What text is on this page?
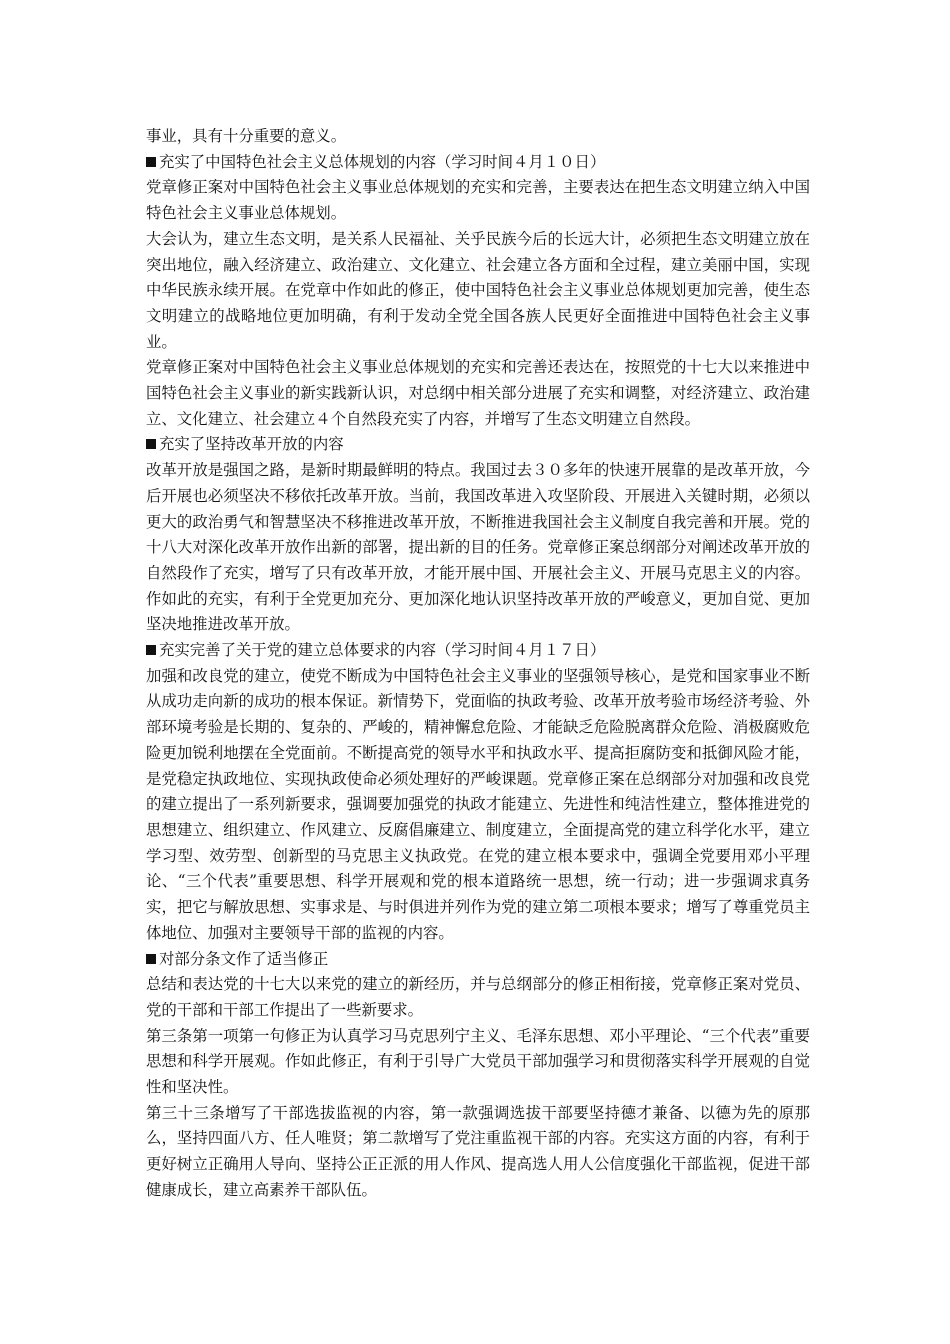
事业，具有十分重要的意义。

充实了中国特色社会主义总体规划的内容（学习时间４月１０日）

党章修正案对中国特色社会主义事业总体规划的充实和完善，主要表达在把生态文明建立纳入中国特色社会主义事业总体规划。

大会认为，建立生态文明，是关系人民福祉、关乎民族今后的长远大计，必须把生态文明建立放在突出地位，融入经济建立、政治建立、文化建立、社会建立各方面和全过程，建立美丽中国，实现中华民族永续开展。在党章中作如此的修正，使中国特色社会主义事业总体规划更加完善，使生态文明建立的战略地位更加明确，有利于发动全党全国各族人民更好全面推进中国特色社会主义事业。

党章修正案对中国特色社会主义事业总体规划的充实和完善还表达在，按照党的十七大以来推进中国特色社会主义事业的新实践新认识，对总纲中相关部分进展了充实和调整，对经济建立、政治建立、文化建立、社会建立４个自然段充实了内容，并增写了生态文明建立自然段。

充实了坚持改革开放的内容

改革开放是强国之路，是新时期最鲜明的特点。我国过去３０多年的快速开展靠的是改革开放，今后开展也必须坚决不移依托改革开放。当前，我国改革进入攻坚阶段、开展进入关键时期，必须以更大的政治勇气和智慧坚决不移推进改革开放，不断推进我国社会主义制度自我完善和开展。党的十八大对深化改革开放作出新的部署，提出新的目的任务。党章修正案总纲部分对阐述改革开放的自然段作了充实，增写了只有改革开放，才能开展中国、开展社会主义、开展马克思主义的内容。作如此的充实，有利于全党更加充分、更加深化地认识坚持改革开放的严峻意义，更加自觉、更加坚决地推进改革开放。

充实完善了关于党的建立总体要求的内容（学习时间４月１７日）

加强和改良党的建立，使党不断成为中国特色社会主义事业的坚强领导核心，是党和国家事业不断从成功走向新的成功的根本保证。新情势下，党面临的执政考验、改革开放考验市场经济考验、外部环境考验是长期的、复杂的、严峻的，精神懈怠危险、才能缺乏危险脱离群众危险、消极腐败危险更加锐利地摆在全党面前。不断提高党的领导水平和执政水平、提高拒腐防变和抵御风险才能，是党稳定执政地位、实现执政使命必须处理好的严峻课题。党章修正案在总纲部分对加强和改良党的建立提出了一系列新要求，强调要加强党的执政才能建立、先进性和纯洁性建立，整体推进党的思想建立、组织建立、作风建立、反腐倡廉建立、制度建立，全面提高党的建立科学化水平，建立学习型、效劳型、创新型的马克思主义执政党。在党的建立根本要求中，强调全党要用邓小平理论、“三个代表”重要思想、科学开展观和党的根本道路统一思想，统一行动；进一步强调求真务实，把它与解放思想、实事求是、与时俱进并列作为党的建立第二项根本要求；增写了尊重党员主体地位、加强对主要领导干部的监视的内容。

对部分条文作了适当修正

总结和表达党的十七大以来党的建立的新经历，并与总纲部分的修正相衔接，党章修正案对党员、党的干部和干部工作提出了一些新要求。

第三条第一项第一句修正为认真学习马克思列宁主义、毛泽东思想、邓小平理论、“三个代表”重要思想和科学开展观。作如此修正，有利于引导广大党员干部加强学习和贯彻落实科学开展观的自觉性和坚决性。

第三十三条增写了干部选拔监视的内容，第一款强调选拔干部要坚持德才兼备、以德为先的原那么，坚持四面八方、任人唯贤；第二款增写了党注重监视干部的内容。充实这方面的内容，有利于更好树立正确用人导向、坚持公正正派的用人作风、提高选人用人公信度强化干部监视，促进干部健康成长，建立高素养干部队伍。
